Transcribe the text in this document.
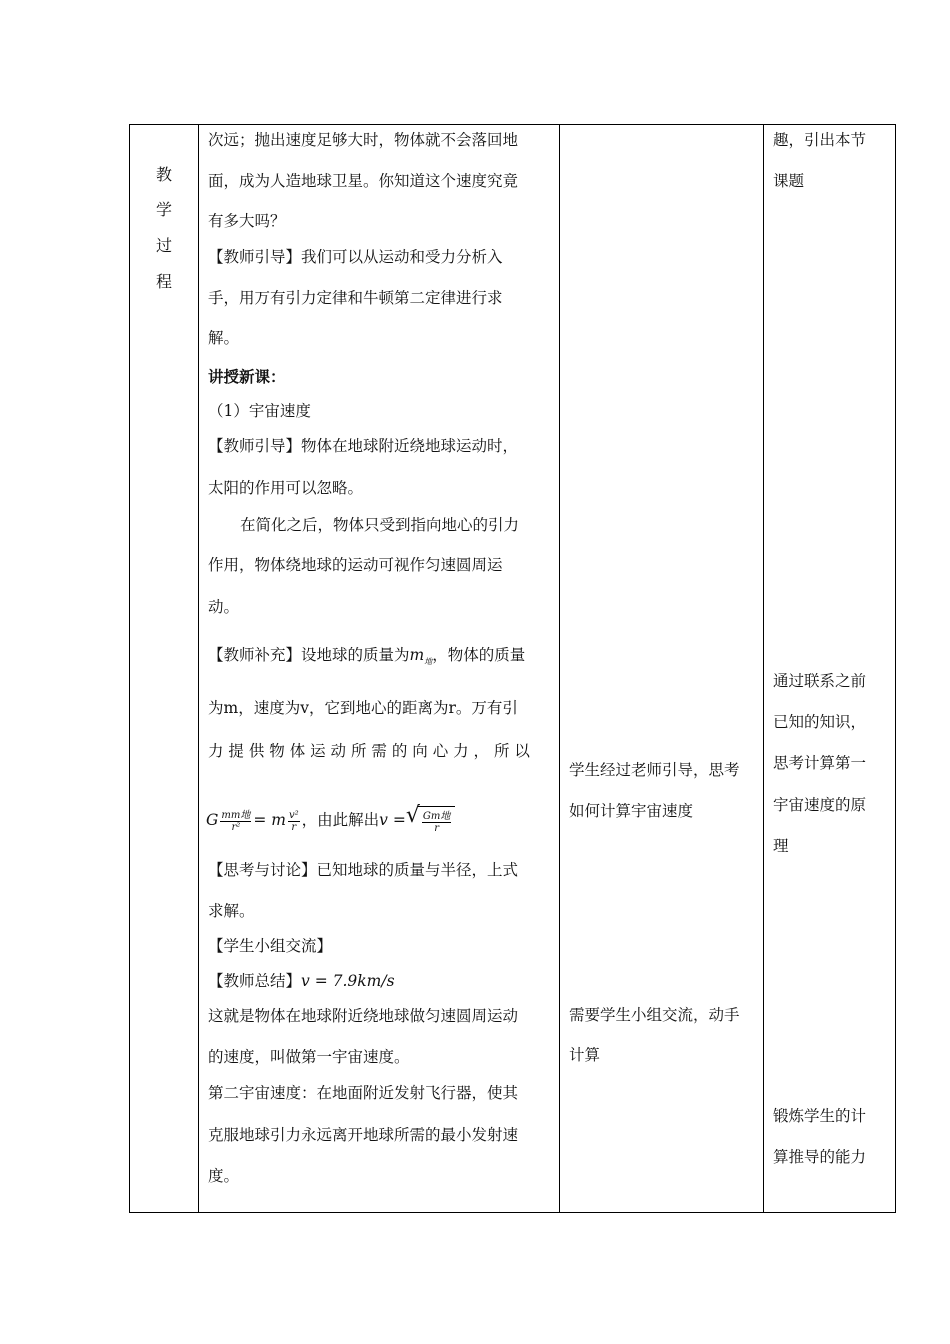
教
学
过
程
次远；抛出速度足够大时，物体就不会落回地
面，成为人造地球卫星。你知道这个速度究竟
有多大吗？
【教师引导】我们可以从运动和受力分析入
手，用万有引力定律和牛顿第二定律进行求
解。
讲授新课：
（1）宇宙速度
【教师引导】物体在地球附近绕地球运动时，
太阳的作用可以忽略。
在简化之后，物体只受到指向地心的引力
作用，物体绕地球的运动可视作匀速圆周运
动。
【教师补充】设地球的质量为$m_地$，物体的质量
为m，速度为v，它到地心的距离为r。万有引
力 提 供 物 体 运 动 所 需 的 向 心 力 ， 所 以
G $\frac{\text{mm地}}{\text{r²}} = m \frac{\text{v²}}{r}$ ，由此解出v =
√ $\frac{\text{Gm地}}{r}$
【思考与讨论】已知地球的质量与半径，上式
求解。
【学生小组交流】
【教师总结】v = 7.9km/s
这就是物体在地球附近绕地球做匀速圆周运动
的速度，叫做第一宇宙速度。
第二宇宙速度：在地面附近发射飞行器，使其
克服地球引力永远离开地球所需的最小发射速
度。
学生经过老师引导，思考
如何计算宇宙速度
需要学生小组交流，动手
计算
趣，引出本节
课题
通过联系之前
已知的知识，
思考计算第一
宇宙速度的原
理
锻炼学生的计
算推导的能力
